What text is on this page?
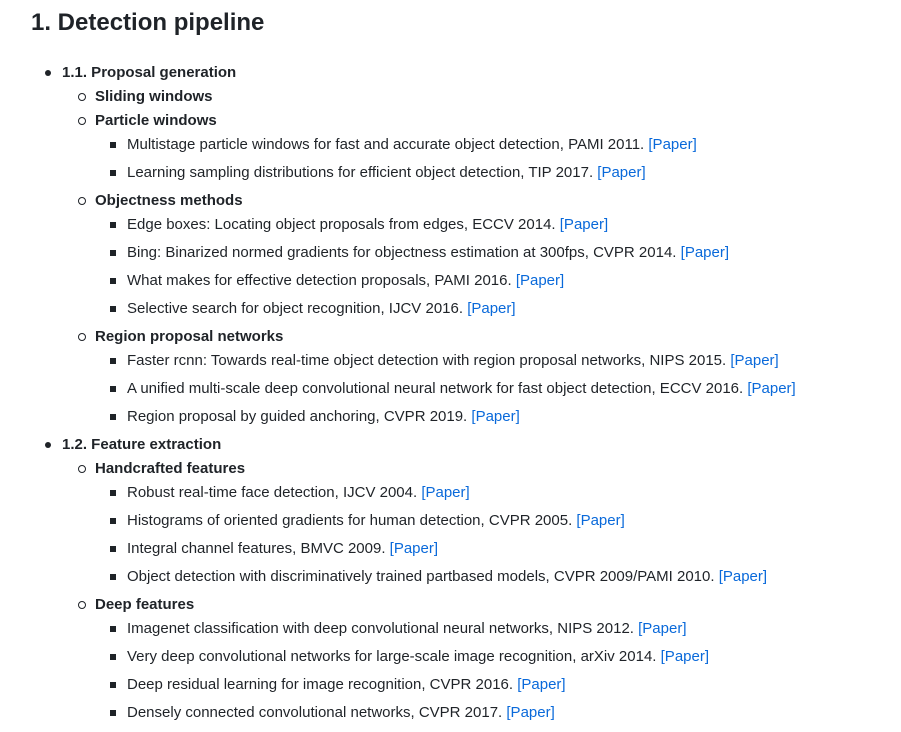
1. Detection pipeline
1.1. Proposal generation
Sliding windows
Particle windows
Multistage particle windows for fast and accurate object detection, PAMI 2011. [Paper]
Learning sampling distributions for efficient object detection, TIP 2017. [Paper]
Objectness methods
Edge boxes: Locating object proposals from edges, ECCV 2014. [Paper]
Bing: Binarized normed gradients for objectness estimation at 300fps, CVPR 2014. [Paper]
What makes for effective detection proposals, PAMI 2016. [Paper]
Selective search for object recognition, IJCV 2016. [Paper]
Region proposal networks
Faster rcnn: Towards real-time object detection with region proposal networks, NIPS 2015. [Paper]
A unified multi-scale deep convolutional neural network for fast object detection, ECCV 2016. [Paper]
Region proposal by guided anchoring, CVPR 2019. [Paper]
1.2. Feature extraction
Handcrafted features
Robust real-time face detection, IJCV 2004. [Paper]
Histograms of oriented gradients for human detection, CVPR 2005. [Paper]
Integral channel features, BMVC 2009. [Paper]
Object detection with discriminatively trained partbased models, CVPR 2009/PAMI 2010. [Paper]
Deep features
Imagenet classification with deep convolutional neural networks, NIPS 2012. [Paper]
Very deep convolutional networks for large-scale image recognition, arXiv 2014. [Paper]
Deep residual learning for image recognition, CVPR 2016. [Paper]
Densely connected convolutional networks, CVPR 2017. [Paper]
